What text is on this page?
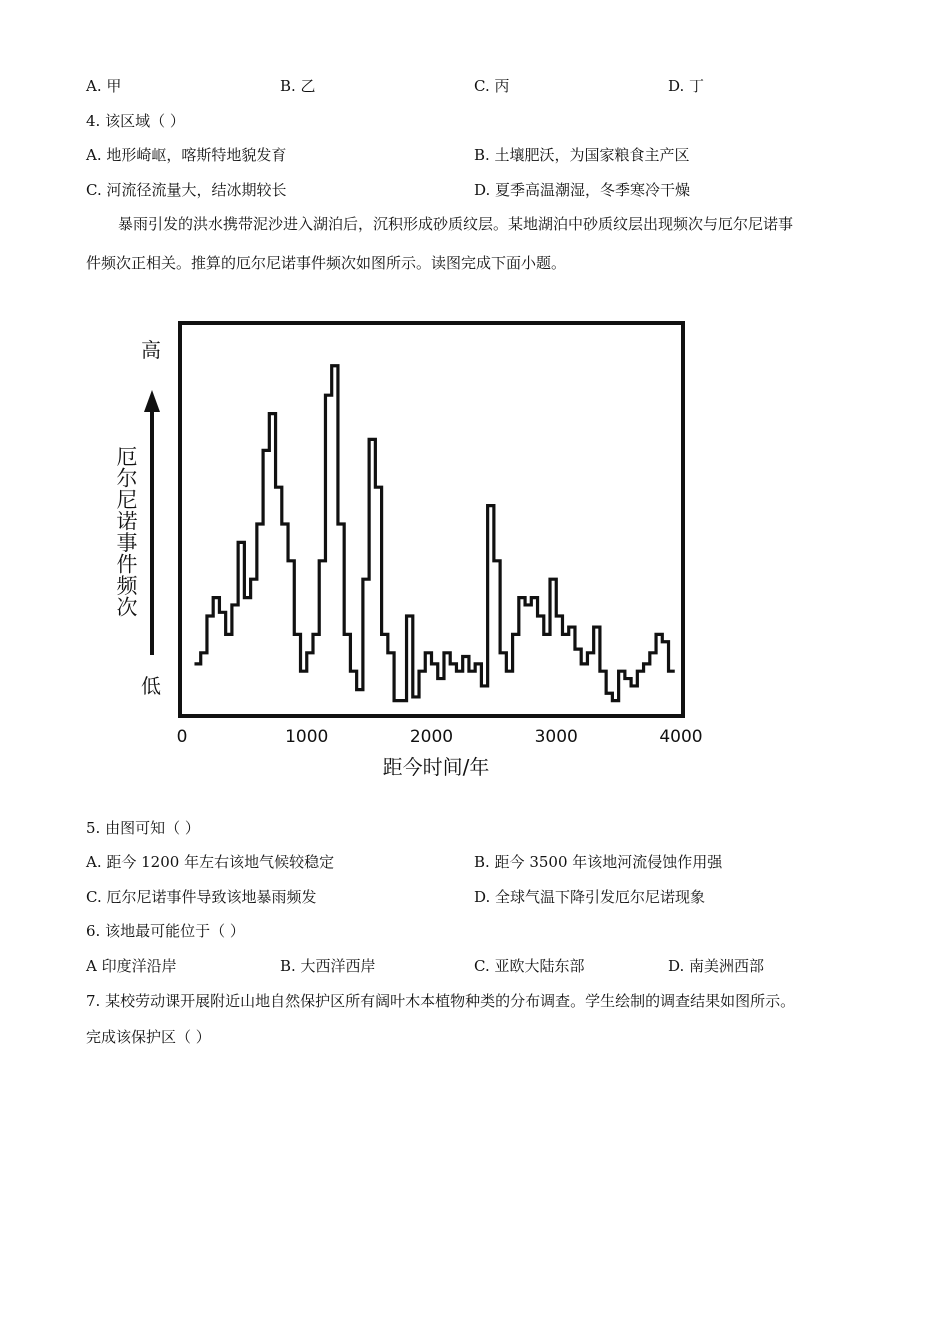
A. 甲	B. 乙	C. 丙	D. 丁
4. 该区域（ ）
A. 地形崎岖，喀斯特地貌发育	B. 土壤肥沃，为国家粮食主产区
C. 河流径流量大，结冰期较长	D. 夏季高温潮湿，冬季寒冷干燥
暴雨引发的洪水携带泥沙进入湖泊后，沉积形成砂质纹层。某地湖泊中砂质纹层出现频次与厄尔尼诺事
件频次正相关。推算的厄尔尼诺事件频次如图所示。读图完成下面小题。
0	1000	2000	3000	4000
高
低
厄尔尼诺事件频次
距今时间/年
5. 由图可知（ ）
A. 距今 1200 年左右该地气候较稳定	B. 距今 3500 年该地河流侵蚀作用强
C. 厄尔尼诺事件导致该地暴雨频发	D. 全球气温下降引发厄尔尼诺现象
6. 该地最可能位于（ ）
A 印度洋沿岸	B. 大西洋西岸	C. 亚欧大陆东部	D. 南美洲西部
7. 某校劳动课开展附近山地自然保护区所有阔叶木本植物种类的分布调查。学生绘制的调查结果如图所示。
完成该保护区（ ）
